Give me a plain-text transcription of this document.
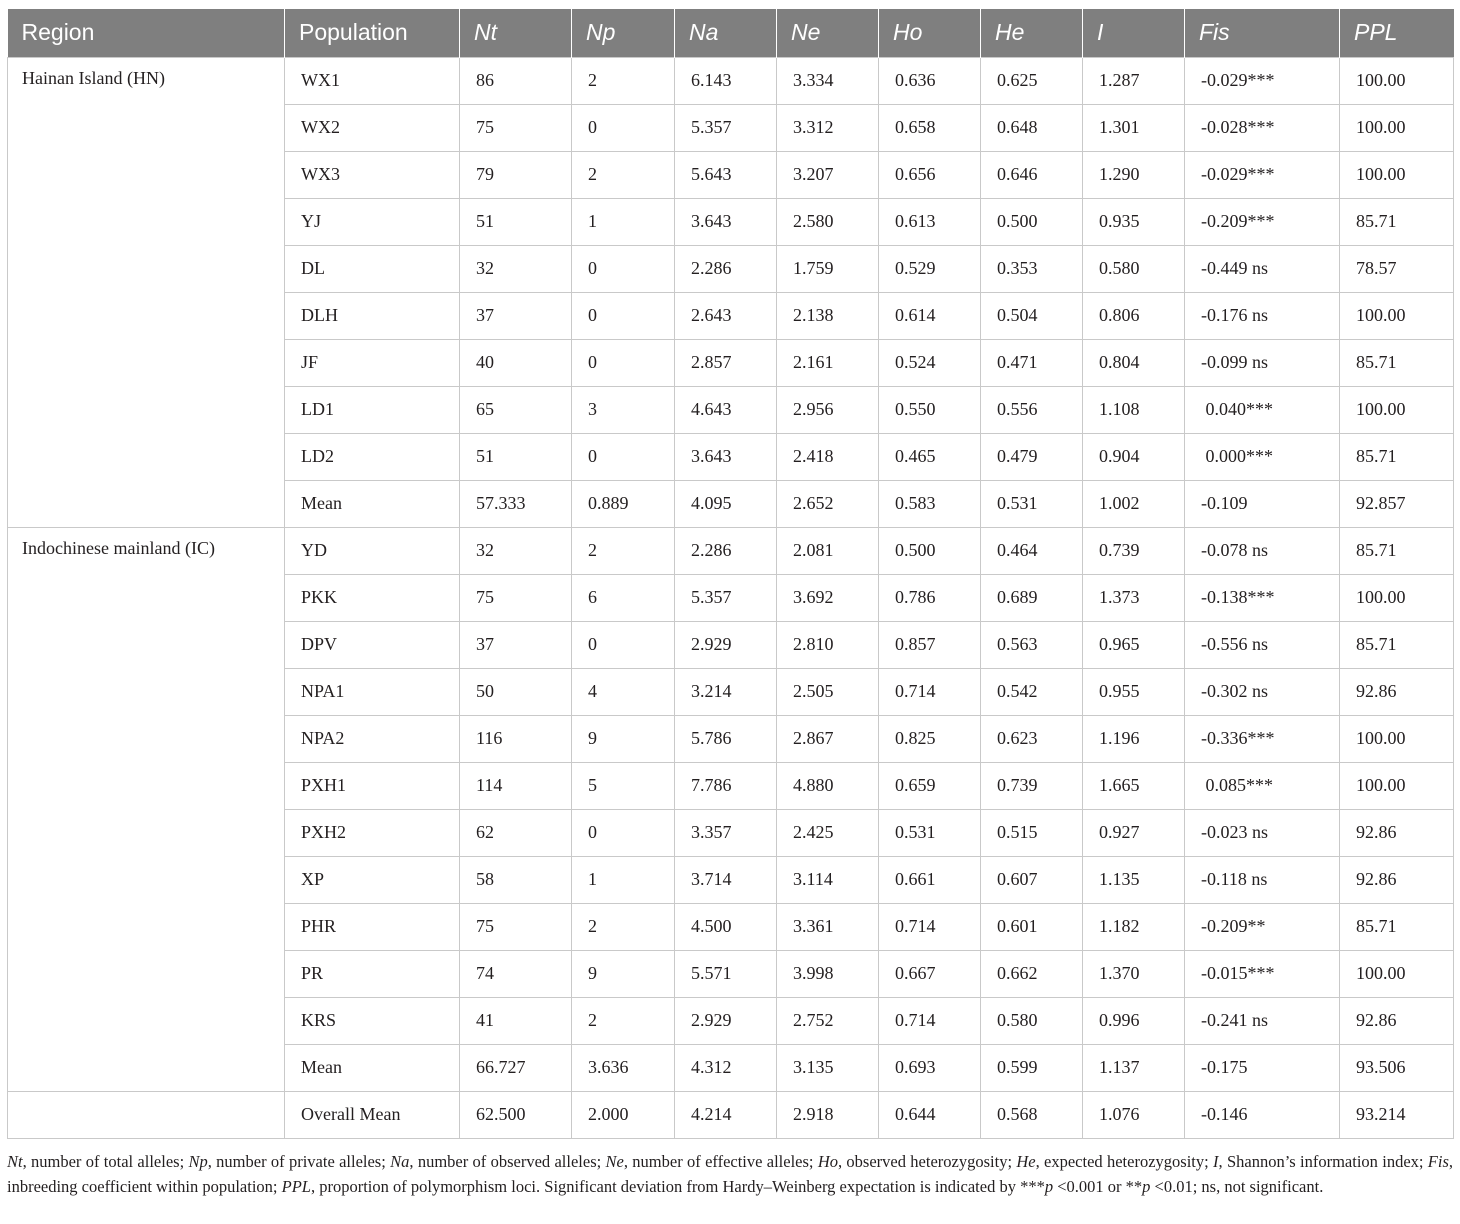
Region	Population	Nt	Np	Na	Ne	Ho	He	I	Fis	PPL
Hainan Island (HN)	WX1	86	2	6.143	3.334	0.636	0.625	1.287	-0.029***	100.00
	WX2	75	0	5.357	3.312	0.658	0.648	1.301	-0.028***	100.00
	WX3	79	2	5.643	3.207	0.656	0.646	1.290	-0.029***	100.00
	YJ	51	1	3.643	2.580	0.613	0.500	0.935	-0.209***	85.71
	DL	32	0	2.286	1.759	0.529	0.353	0.580	-0.449 ns	78.57
	DLH	37	0	2.643	2.138	0.614	0.504	0.806	-0.176 ns	100.00
	JF	40	0	2.857	2.161	0.524	0.471	0.804	-0.099 ns	85.71
	LD1	65	3	4.643	2.956	0.550	0.556	1.108	0.040***	100.00
	LD2	51	0	3.643	2.418	0.465	0.479	0.904	0.000***	85.71
	Mean	57.333	0.889	4.095	2.652	0.583	0.531	1.002	-0.109	92.857
Indochinese mainland (IC)	YD	32	2	2.286	2.081	0.500	0.464	0.739	-0.078 ns	85.71
	PKK	75	6	5.357	3.692	0.786	0.689	1.373	-0.138***	100.00
	DPV	37	0	2.929	2.810	0.857	0.563	0.965	-0.556 ns	85.71
	NPA1	50	4	3.214	2.505	0.714	0.542	0.955	-0.302 ns	92.86
	NPA2	116	9	5.786	2.867	0.825	0.623	1.196	-0.336***	100.00
	PXH1	114	5	7.786	4.880	0.659	0.739	1.665	0.085***	100.00
	PXH2	62	0	3.357	2.425	0.531	0.515	0.927	-0.023 ns	92.86
	XP	58	1	3.714	3.114	0.661	0.607	1.135	-0.118 ns	92.86
	PHR	75	2	4.500	3.361	0.714	0.601	1.182	-0.209**	85.71
	PR	74	9	5.571	3.998	0.667	0.662	1.370	-0.015***	100.00
	KRS	41	2	2.929	2.752	0.714	0.580	0.996	-0.241 ns	92.86
	Mean	66.727	3.636	4.312	3.135	0.693	0.599	1.137	-0.175	93.506
	Overall Mean	62.500	2.000	4.214	2.918	0.644	0.568	1.076	-0.146	93.214

Nt, number of total alleles; Np, number of private alleles; Na, number of observed alleles; Ne, number of effective alleles; Ho, observed heterozygosity; He, expected heterozygosity; I, Shannon’s information index; Fis, inbreeding coefficient within population; PPL, proportion of polymorphism loci. Significant deviation from Hardy–Weinberg expectation is indicated by ***p <0.001 or **p <0.01; ns, not significant.
